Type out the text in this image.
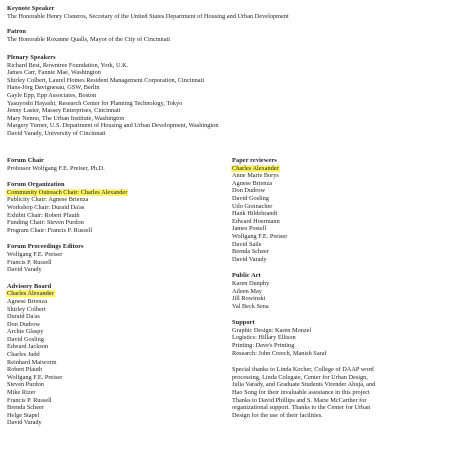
Keynote Speaker
The Honorable Henry Cisneros, Secretary of the United States Department of Housing and Urban Development
Patron
The Honorable Roxanne Qualls, Mayor of the City of Cincinnati
Plenary Speakers
Richard Best, Rowntree Foundation, York, U.K.
James Carr, Fannie Mae, Washington
Shirley Colbert, Laurel Homes Resident Management Corporation, Cincinnati
Hans-Jörg Davignesau, GSW, Berlin
Gayle Epp, Epp Associates, Boston
Yasuyoshi Hayashi, Research Center for Planning Technology, Tokyo
Jenny Laster, Massey Enterprises, Cincinnati
Mary Nenno, The Urban Institute, Washington
Margery Turner, U.S. Department of Housing and Urban Development, Washington
David Varady, University of Cincinnati
Forum Chair
Professor Wolfgang F.E. Preiser, Ph.D.
Forum Organization
Community Outreach Chair: Charles Alexander
Publicity Chair: Agnese Brienza
Workshop Chair: Duraid Da'as
Exhibit Chair: Robert Pfauth
Funding Chair: Steven Purdon
Program Chair: Francis P. Russell
Forum Proceedings Editors
Wolfgang F.E. Preiser
Francis P. Russell
David Varady
Advisory Board
Charles Alexander
Agnese Brienza
Shirley Colbert
Duraid Da'as
Don Dudrow
Archie Glaspy
David Gosling
Edward Jackson
Charles Judd
Reinhard Maiworm
Robert Pfauth
Wolfgang F.E. Preiser
Steven Purdon
Mike Rizer
Francis P. Russell
Brenda Scheer
Helge Stapel
David Varady
Paper reviewers
Charles Alexander
Anne Marie Borys
Agnese Brienza
Don Dudrow
David Gosling
Udo Greinacher
Hank Hildebrandt
Edward Hoermann
James Postell
Wolfgang F.E. Preiser
David Saile
Brenda Scheer
David Varady
Public Art
Karen Dunphy
Aileen May
Jill Rowinski
Val Beck Sena
Support
Graphic Design: Karen Monzel
Logistics: Hillary Ellison
Printing: Dave's Printing
Research: John Creech, Manish Saraf
Special thanks to Linda Kocher, College of DAAP word
processing, Linda Colegate, Center for Urban Design,
Julia Varady, and Graduate Students Virender Ahuja, and
Hao Song for their invaluable assistance in this project
Thanks to David Phillips and S. Marie McCarther for
organizational support. Thanks to the Center for Urban
Design for the use of their facilities.
